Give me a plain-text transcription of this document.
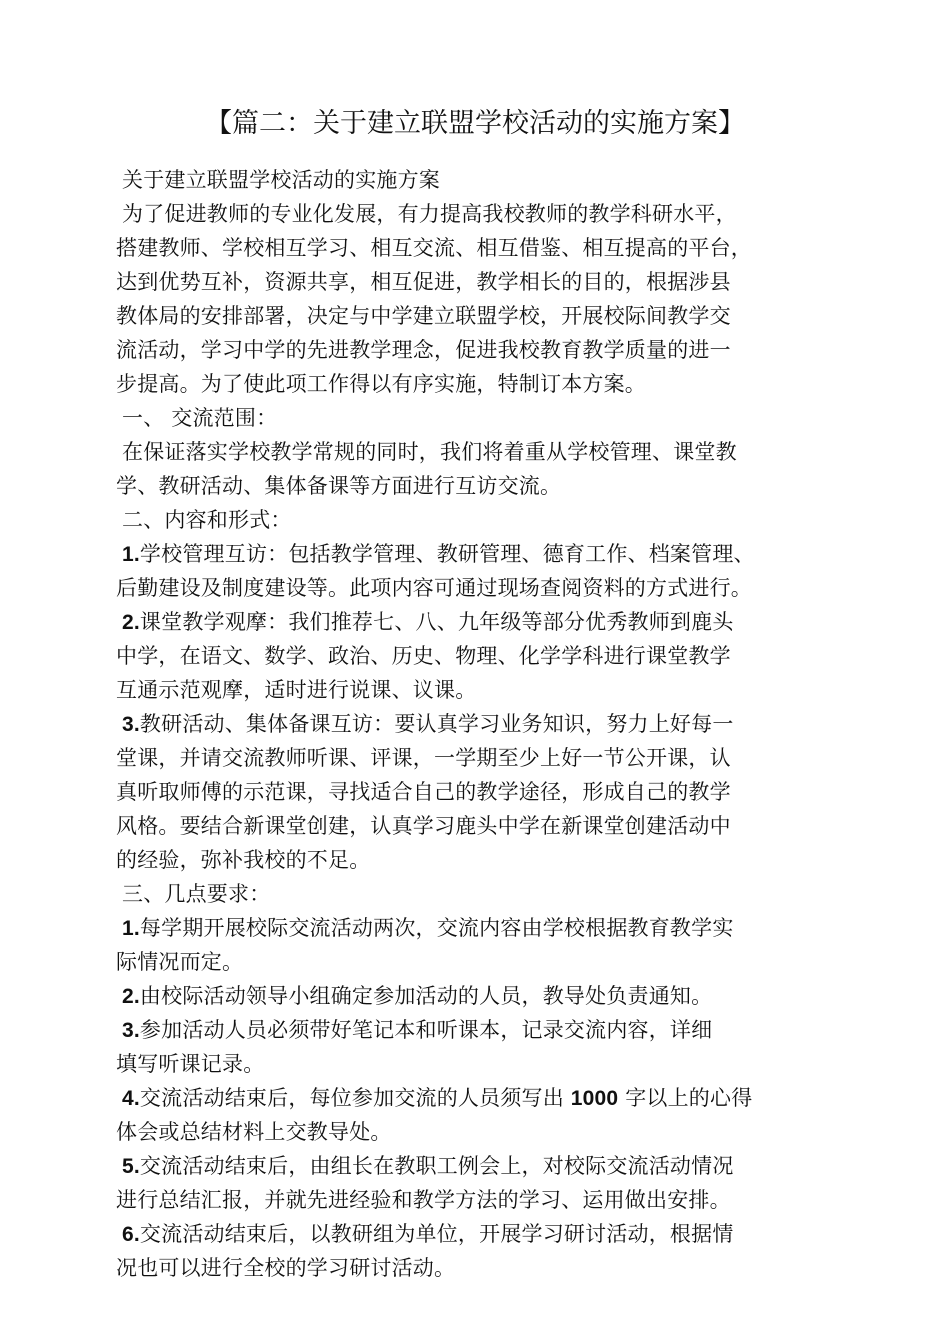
【篇二：关于建立联盟学校活动的实施方案】
关于建立联盟学校活动的实施方案
为了促进教师的专业化发展，有力提高我校教师的教学科研水平，
搭建教师、学校相互学习、相互交流、相互借鉴、相互提高的平台，
达到优势互补，资源共享，相互促进，教学相长的目的，根据涉县
教体局的安排部署，决定与中学建立联盟学校，开展校际间教学交
流活动，学习中学的先进教学理念，促进我校教育教学质量的进一
步提高。为了使此项工作得以有序实施，特制订本方案。
一、 交流范围：
在保证落实学校教学常规的同时，我们将着重从学校管理、课堂教
学、教研活动、集体备课等方面进行互访交流。
二、内容和形式：
1.学校管理互访：包括教学管理、教研管理、德育工作、档案管理、
后勤建设及制度建设等。此项内容可通过现场查阅资料的方式进行。
2.课堂教学观摩：我们推荐七、八、九年级等部分优秀教师到鹿头
中学，在语文、数学、政治、历史、物理、化学学科进行课堂教学
互通示范观摩，适时进行说课、议课。
3.教研活动、集体备课互访：要认真学习业务知识，努力上好每一
堂课，并请交流教师听课、评课，一学期至少上好一节公开课，认
真听取师傅的示范课，寻找适合自己的教学途径，形成自己的教学
风格。要结合新课堂创建，认真学习鹿头中学在新课堂创建活动中
的经验，弥补我校的不足。
三、几点要求：
1.每学期开展校际交流活动两次，交流内容由学校根据教育教学实
际情况而定。
2.由校际活动领导小组确定参加活动的人员，教导处负责通知。
3.参加活动人员必须带好笔记本和听课本，记录交流内容，详细
填写听课记录。
4.交流活动结束后，每位参加交流的人员须写出 1000 字以上的心得
体会或总结材料上交教导处。
5.交流活动结束后，由组长在教职工例会上，对校际交流活动情况
进行总结汇报，并就先进经验和教学方法的学习、运用做出安排。
6.交流活动结束后，以教研组为单位，开展学习研讨活动，根据情
况也可以进行全校的学习研讨活动。
